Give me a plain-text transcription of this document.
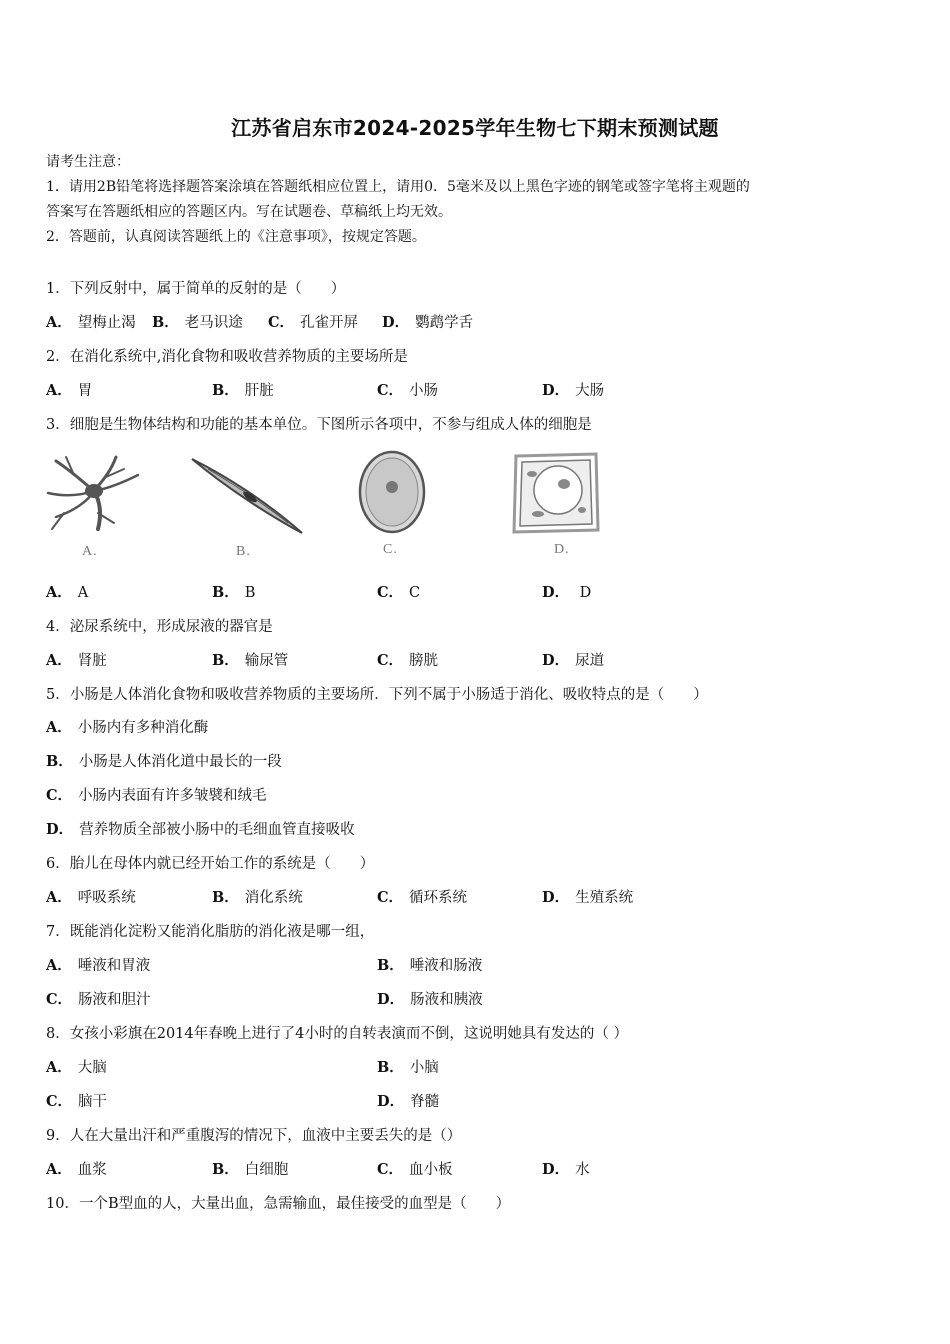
江苏省启东市2024-2025学年生物七下期末预测试题
请考生注意：
1．请用2B铅笔将选择题答案涂填在答题纸相应位置上，请用0．5毫米及以上黑色字迹的钢笔或签字笔将主观题的
答案写在答题纸相应的答题区内。写在试题卷、草稿纸上均无效。
2．答题前，认真阅读答题纸上的《注意事项》，按规定答题。
1．下列反射中，属于简单的反射的是（　　）
A． 望梅止渴 B． 老马识途 C． 孔雀开屏 D． 鹦鹉学舌
2．在消化系统中,消化食物和吸收营养物质的主要场所是
A． 胃	B． 肝脏	C． 小肠	D． 大肠
3．细胞是生物体结构和功能的基本单位。下图所示各项中，不参与组成人体的细胞是
A.	B.	C.	D.
A． A	B． B	C． C	D． D
4．泌尿系统中，形成尿液的器官是
A． 肾脏	B． 输尿管	C． 膀胱	D． 尿道
5．小肠是人体消化食物和吸收营养物质的主要场所．下列不属于小肠适于消化、吸收特点的是（　　）
A． 小肠内有多种消化酶
B． 小肠是人体消化道中最长的一段
C． 小肠内表面有许多皱襞和绒毛
D． 营养物质全部被小肠中的毛细血管直接吸收
6．胎儿在母体内就已经开始工作的系统是（　　）
A． 呼吸系统	B． 消化系统	C． 循环系统	D． 生殖系统
7．既能消化淀粉又能消化脂肪的消化液是哪一组，
A． 唾液和胃液	B． 唾液和肠液
C． 肠液和胆汁	D． 肠液和胰液
8．女孩小彩旗在2014年春晚上进行了4小时的自转表演而不倒，这说明她具有发达的（ ）
A． 大脑	B． 小脑
C． 脑干	D． 脊髓
9．人在大量出汗和严重腹泻的情况下，血液中主要丢失的是（）
A． 血浆	B． 白细胞	C． 血小板	D． 水
10．一个B型血的人，大量出血，急需输血，最佳接受的血型是（　　）
